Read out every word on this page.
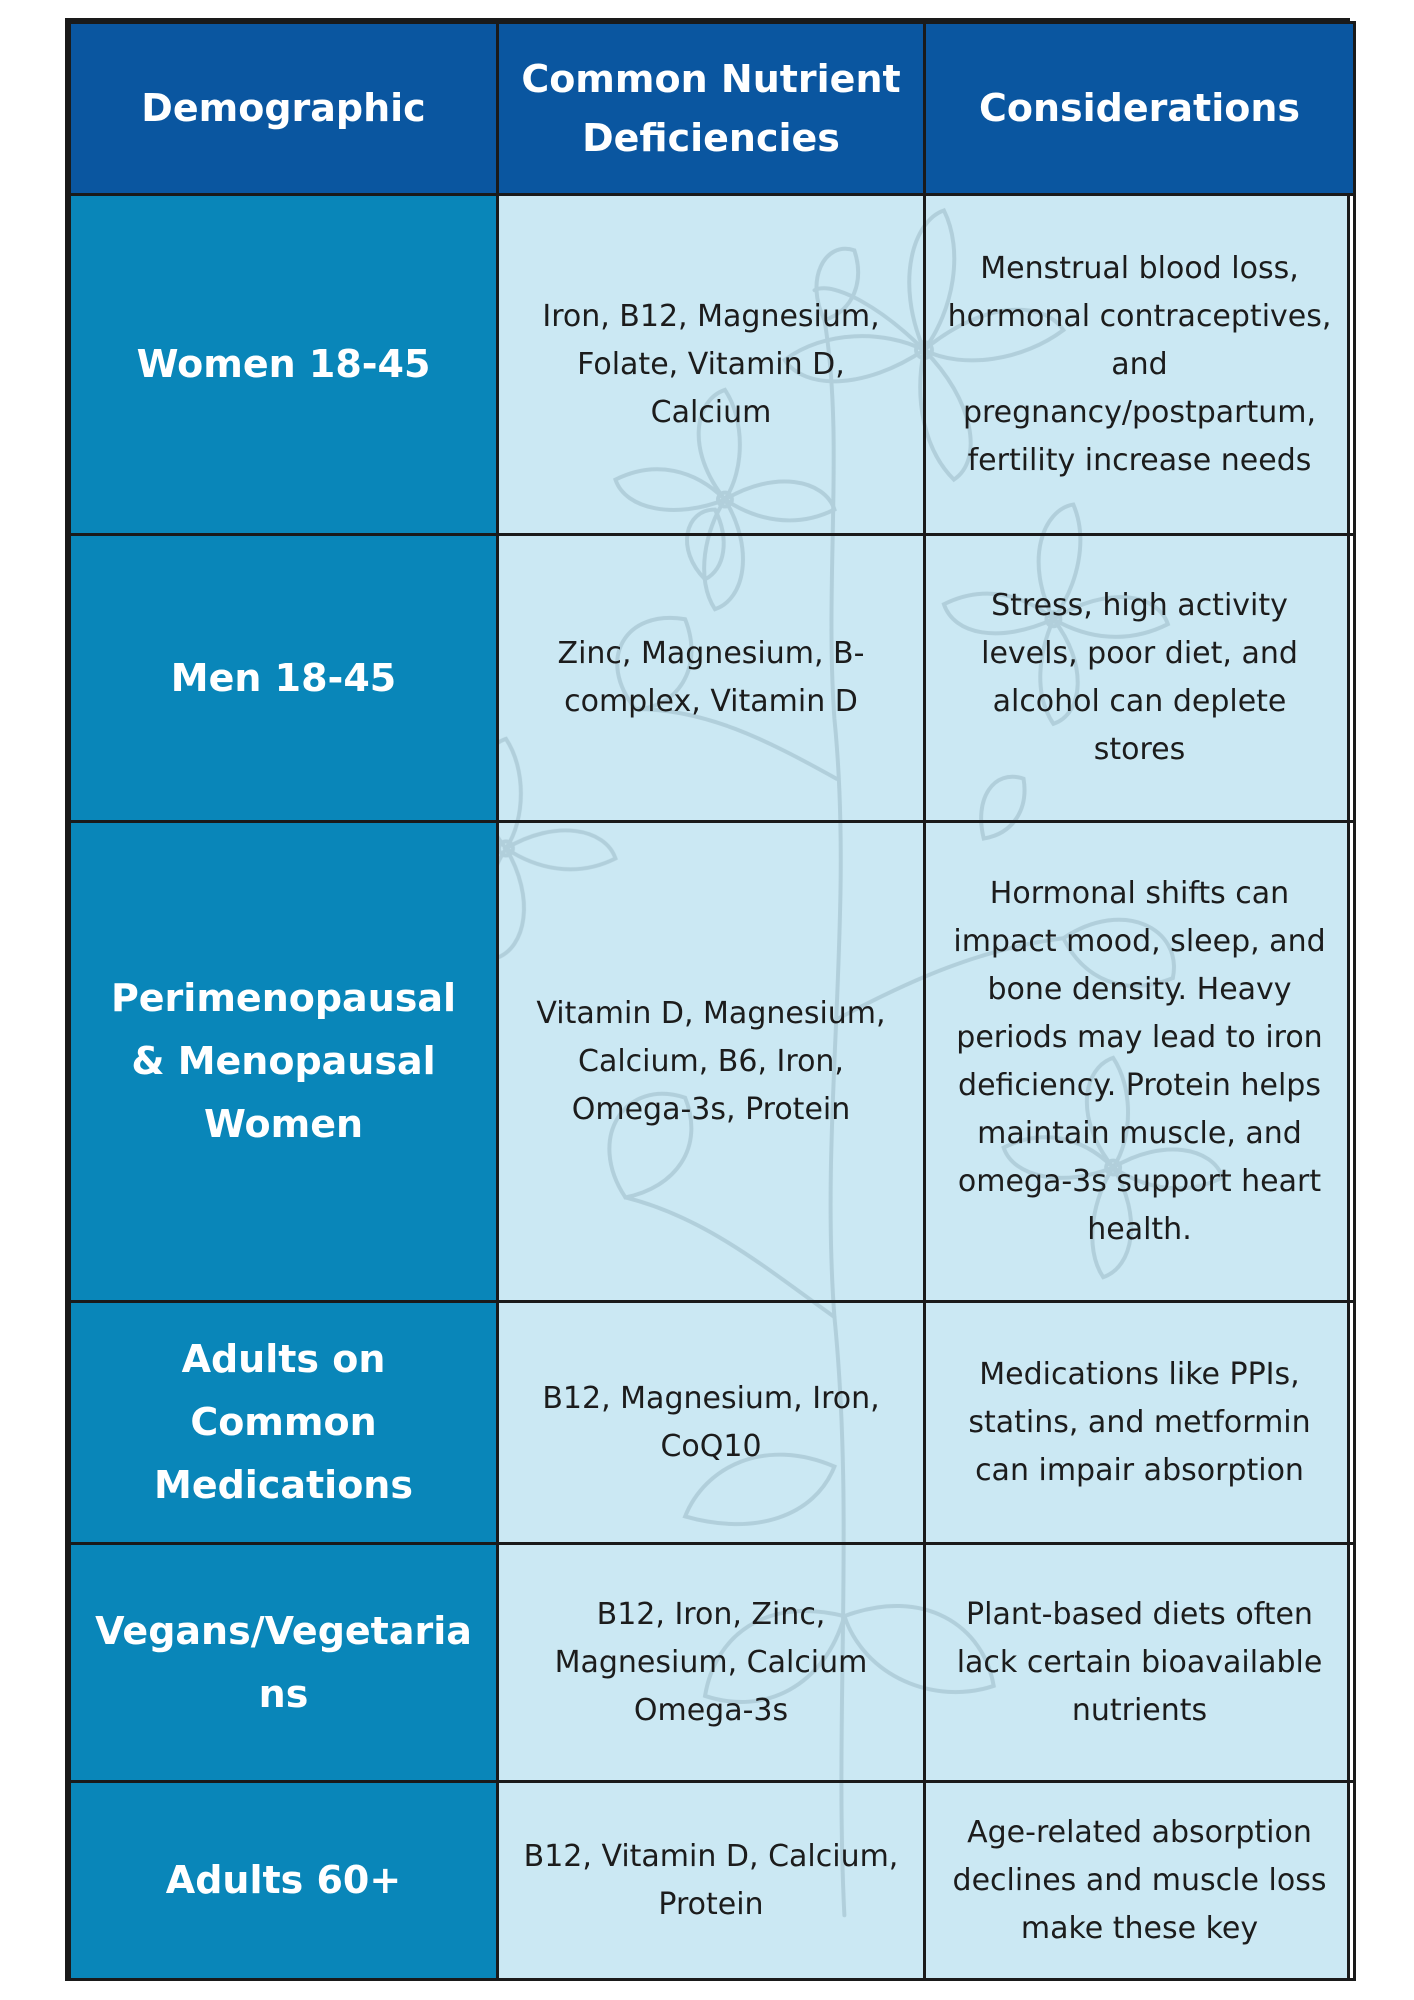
Demographic	Common Nutrient Deficiencies	Considerations
Women 18-45	Iron, B12, Magnesium, Folate, Vitamin D, Calcium	Menstrual blood loss, hormonal contraceptives, and pregnancy/postpartum, fertility increase needs
Men 18-45	Zinc, Magnesium, B-complex, Vitamin D	Stress, high activity levels, poor diet, and alcohol can deplete stores
Perimenopausal & Menopausal Women	Vitamin D, Magnesium, Calcium, B6, Iron, Omega-3s, Protein	Hormonal shifts can impact mood, sleep, and bone density. Heavy periods may lead to iron deficiency. Protein helps maintain muscle, and omega-3s support heart health.
Adults on Common Medications	B12, Magnesium, Iron, CoQ10	Medications like PPIs, statins, and metformin can impair absorption
Vegans/Vegetarians	B12, Iron, Zinc, Magnesium, Calcium Omega-3s	Plant-based diets often lack certain bioavailable nutrients
Adults 60+	B12, Vitamin D, Calcium, Protein	Age-related absorption declines and muscle loss make these key
